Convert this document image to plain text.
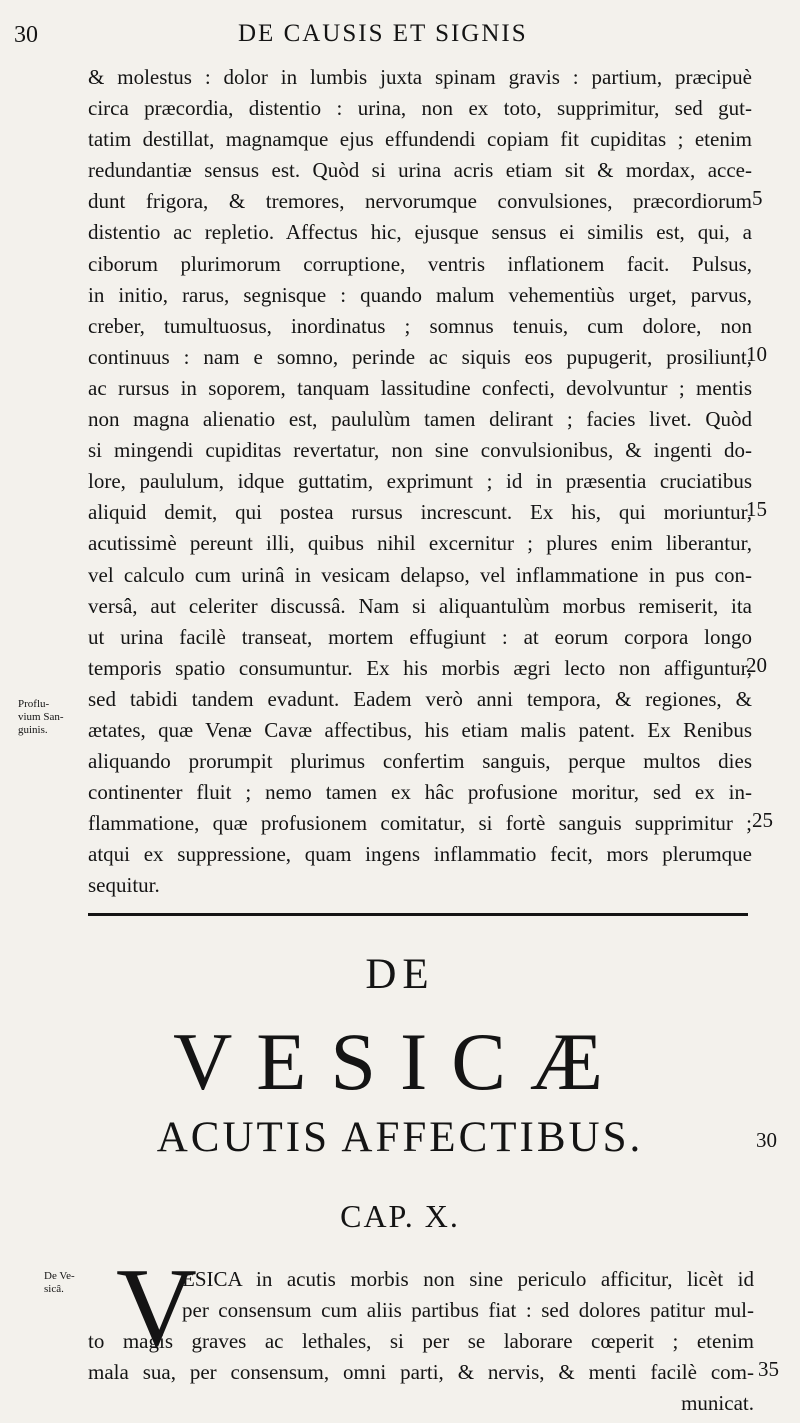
30	DE CAUSIS ET SIGNIS
& molestus : dolor in lumbis juxta spinam gravis : partium, præcipuè
circa præcordia, distentio : urina, non ex toto, supprimitur, sed gut-
tatim destillat, magnamque ejus effundendi copiam fit cupiditas ; etenim
redundantiæ sensus est. Quòd si urina acris etiam sit & mordax, acce-
dunt frigora, & tremores, nervorumque convulsiones, præcordiorum
distentio ac repletio. Affectus hic, ejusque sensus ei similis est, qui, a
ciborum plurimorum corruptione, ventris inflationem facit. Pulsus,
in initio, rarus, segnisque : quando malum vehementiùs urget, parvus,
creber, tumultuosus, inordinatus ; somnus tenuis, cum dolore, non
continuus : nam e somno, perinde ac siquis eos pupugerit, prosiliunt,
ac rursus in soporem, tanquam lassitudine confecti, devolvuntur ; mentis
non magna alienatio est, paululùm tamen delirant ; facies livet. Quòd
si mingendi cupiditas revertatur, non sine convulsionibus, & ingenti do-
lore, paululum, idque guttatim, exprimunt ; id in præsentia cruciatibus
aliquid demit, qui postea rursus increscunt. Ex his, qui moriuntur,
acutissimè pereunt illi, quibus nihil excernitur ; plures enim liberantur,
vel calculo cum urinâ in vesicam delapso, vel inflammatione in pus con-
versâ, aut celeriter discussâ. Nam si aliquantulùm morbus remiserit, ita
ut urina facilè transeat, mortem effugiunt : at eorum corpora longo
temporis spatio consumuntur. Ex his morbis ægri lecto non affiguntur,
sed tabidi tandem evadunt. Eadem verò anni tempora, & regiones, &
ætates, quæ Venæ Cavæ affectibus, his etiam malis patent. Ex Renibus
aliquando prorumpit plurimus confertim sanguis, perque multos dies
continenter fluit ; nemo tamen ex hâc profusione moritur, sed ex in-
flammatione, quæ profusionem comitatur, si fortè sanguis supprimitur ;
atqui ex suppressione, quam ingens inflammatio fecit, mors plerumque
sequitur.
5
10
15
20
25
Proflu-
vium San-
guinis.
DE
VESICÆ
ACUTIS AFFECTIBUS.	30
CAP. X.
De Ve-
sicâ. V
ESICA in acutis morbis non sine periculo afficitur, licèt id
per consensum cum aliis partibus fiat : sed dolores patitur mul-
to magis graves ac lethales, si per se laborare cœperit ; etenim
mala sua, per consensum, omni parti, & nervis, & menti facilè com- 35
municat.
